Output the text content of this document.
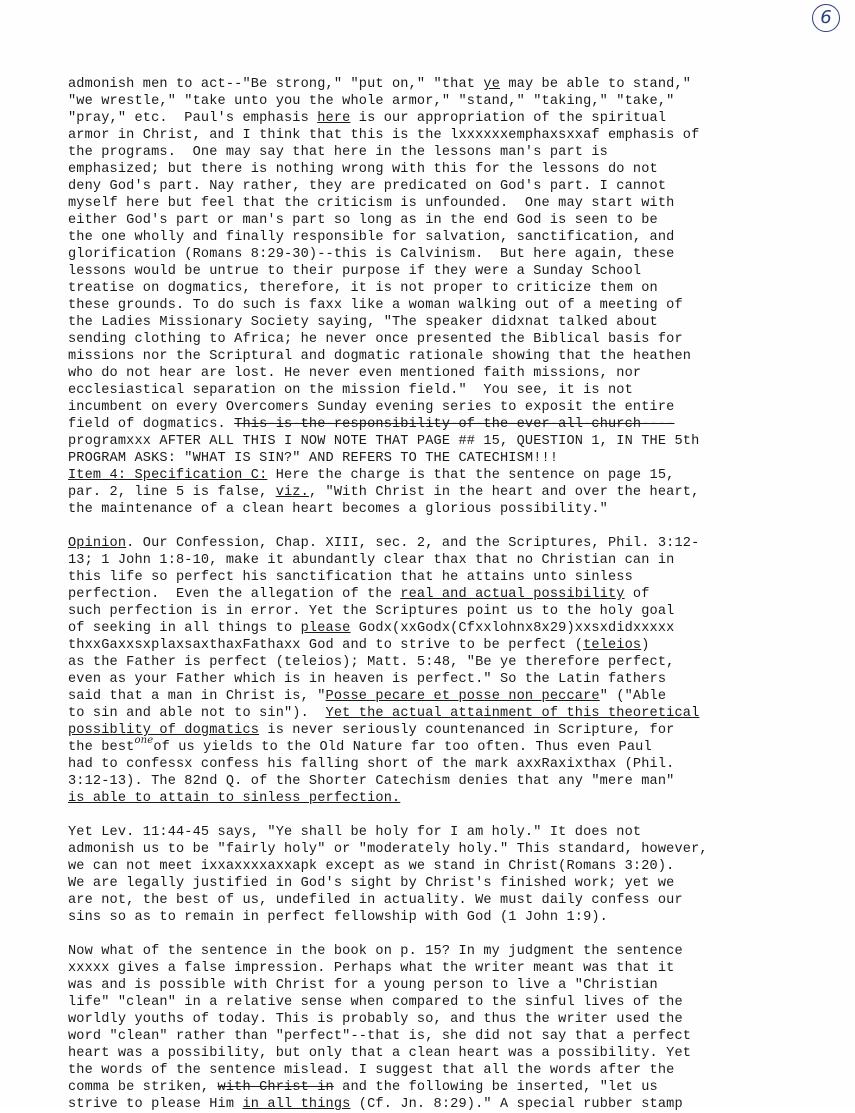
6
admonish men to act--"Be strong," "put on," "that ye may be able to stand,"
"we wrestle," "take unto you the whole armor," "stand," "taking," "take,"
"pray," etc.  Paul's emphasis here is our appropriation of the spiritual
armor in Christ, and I think that this is the lxxxxxxemphaxsxxaf emphasis of
the programs.  One may say that here in the lessons man's part is
emphasized; but there is nothing wrong with this for the lessons do not
deny God's part. Nay rather, they are predicated on God's part. I cannot
myself here but feel that the criticism is unfounded.  One may start with
either God's part or man's part so long as in the end God is seen to be
the one wholly and finally responsible for salvation, sanctification, and
glorification (Romans 8:29-30)--this is Calvinism.  But here again, these
lessons would be untrue to their purpose if they were a Sunday School
treatise on dogmatics, therefore, it is not proper to criticize them on
these grounds. To do such is faxx like a woman walking out of a meeting of
the Ladies Missionary Society saying, "The speaker didxnat talked about
sending clothing to Africa; he never once presented the Biblical basis for
missions nor the Scriptural and dogmatic rationale showing that the heathen
who do not hear are lost. He never even mentioned faith missions, nor
ecclesiastical separation on the mission field."  You see, it is not
incumbent on every Overcomers Sunday evening series to exposit the entire
field of dogmatics. This-is-the-responsibility-of-the-ever-all-church----
programxxx AFTER ALL THIS I NOW NOTE THAT PAGE ## 15, QUESTION 1, IN THE 5th
PROGRAM ASKS: "WHAT IS SIN?" AND REFERS TO THE CATECHISM!!!
Item 4: Specification C: Here the charge is that the sentence on page 15,
par. 2, line 5 is false, viz., "With Christ in the heart and over the heart,
the maintenance of a clean heart becomes a glorious possibility."
Opinion. Our Confession, Chap. XIII, sec. 2, and the Scriptures, Phil. 3:12-
13; 1 John 1:8-10, make it abundantly clear thax that no Christian can in
this life so perfect his sanctification that he attains unto sinless
perfection.  Even the allegation of the real and actual possibility of
such perfection is in error. Yet the Scriptures point us to the holy goal
of seeking in all things to please Godx(xxGodx(Cfxxlohnx8x29)xxsxdidxxxxx
thxxGaxxsxplaxsaxthaxFathaxx God and to strive to be perfect (teleios)
as the Father is perfect (teleios); Matt. 5:48, "Be ye therefore perfect,
even as your Father which is in heaven is perfect." So the Latin fathers
said that a man in Christ is, "Posse pecare et posse non peccare" ("Able
to sin and able not to sin").  Yet the actual attainment of this theoretical
possiblity of dogmatics is never seriously countenanced in Scripture, for
the best$^{one}$of us yields to the Old Nature far too often. Thus even Paul
had to confessx confess his falling short of the mark axxRaxixthax (Phil.
3:12-13). The 82nd Q. of the Shorter Catechism denies that any "mere man"
is able to attain to sinless perfection.
Yet Lev. 11:44-45 says, "Ye shall be holy for I am holy." It does not
admonish us to be "fairly holy" or "moderately holy." This standard, however,
we can not meet ixxaxxxxaxxapk except as we stand in Christ(Romans 3:20).
We are legally justified in God's sight by Christ's finished work; yet we
are not, the best of us, undefiled in actuality. We must daily confess our
sins so as to remain in perfect fellowship with God (1 John 1:9).
Now what of the sentence in the book on p. 15? In my judgment the sentence
xxxxx gives a false impression. Perhaps what the writer meant was that it
was and is possible with Christ for a young person to live a "Christian
life" "clean" in a relative sense when compared to the sinful lives of the
worldly youths of today. This is probably so, and thus the writer used the
word "clean" rather than "perfect"--that is, she did not say that a perfect
heart was a possibility, but only that a clean heart was a possibility. Yet
the words of the sentence mislead. I suggest that all the words after the
comma be striken, with Christ in and the following be inserted, "let us
strive to please Him in all things (Cf. Jn. 8:29)." A special rubber stamp
